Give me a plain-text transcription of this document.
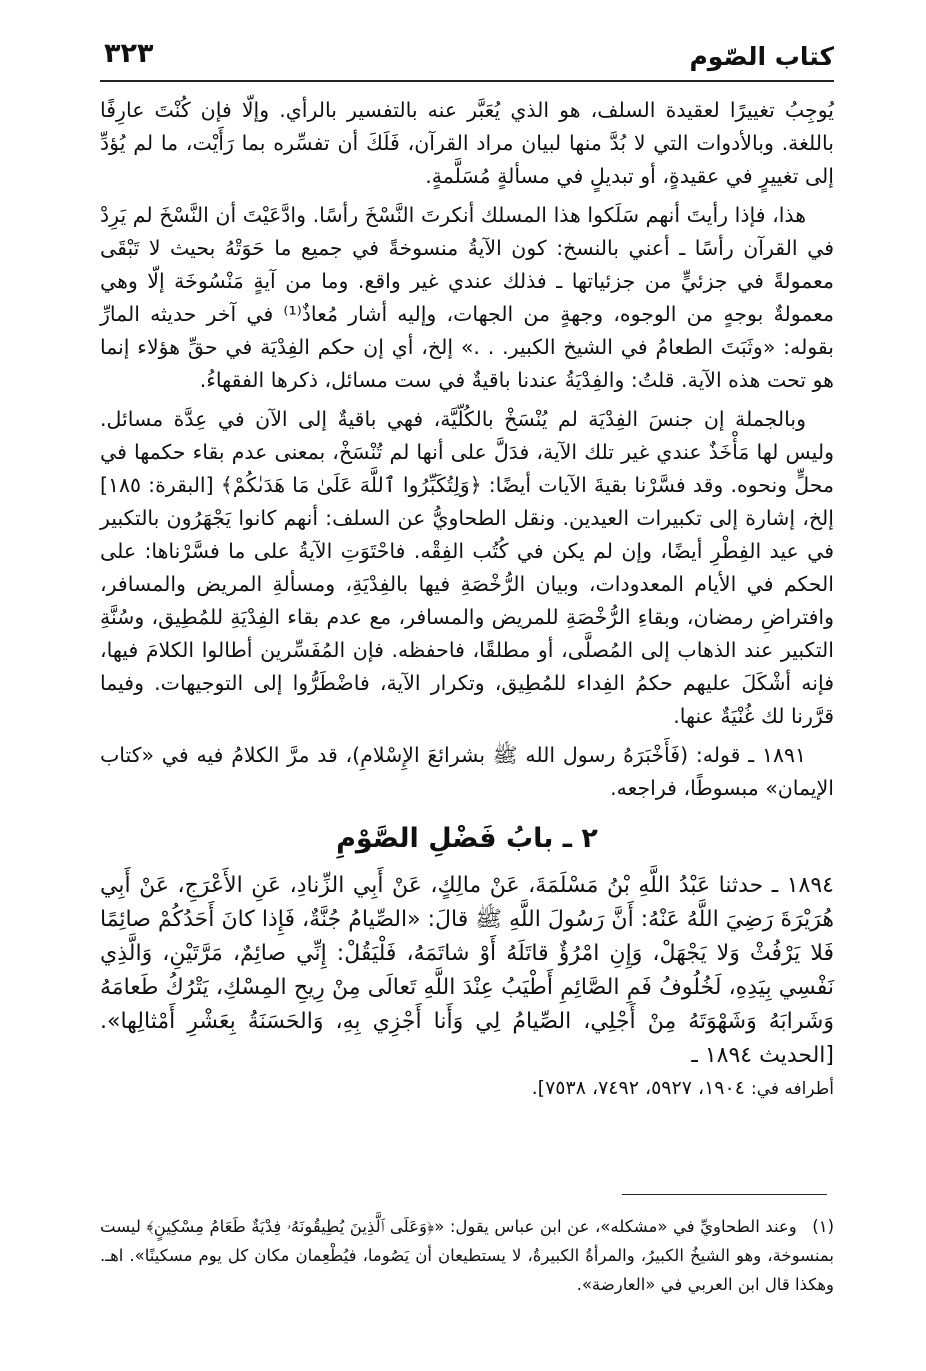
كتاب الصّوم
٣٢٣

يُوجِبُ تغييرًا لعقيدة السلف، هو الذي يُعَبَّر عنه بالتفسير بالرأي. وإلّا فإن كُنْتَ عارِفًا باللغة. وبالأدوات التي لا بُدَّ منها لبيان مراد القرآن، فَلَكَ أن تفسِّره بما رَأَيْت، ما لم يُؤدِّ إلى تغييرٍ في عقيدةٍ، أو تبديلٍ في مسألةٍ مُسَلَّمةٍ.

هذا، فإذا رأيتَ أنهم سَلَكوا هذا المسلك أنكرتَ النَّسْخَ رأسًا. وادَّعَيْتَ أن النَّسْخَ لم يَرِدْ في القرآن رأسًا ـ أعني بالنسخ: كون الآيةُ منسوخةً في جميع ما حَوَتْهُ بحيث لا تَبْقَى معمولةً في جزئيٍّ من جزئياتها ـ فذلك عندي غير واقع. وما من آيةٍ مَنْسُوخَة إلّا وهي معمولةٌ بوجهٍ من الوجوه، وجهةٍ من الجهات، وإليه أشار مُعاذٌ⁽¹⁾ في آخر حديثه المارِّ بقوله: «وثَبَتَ الطعامُ في الشيخ الكبير. . .» إلخ، أي إن حكم الفِدْيَة في حقِّ هؤلاء إنما هو تحت هذه الآية. قلتُ: والفِدْيَةُ عندنا باقيةٌ في ست مسائل، ذكرها الفقهاءُ.

وبالجملة إن جنسَ الفِدْيَة لم يُنْسَخْ بالكُلّيَّة، فهي باقيةٌ إلى الآن في عِدَّة مسائل. وليس لها مَأْخَذٌ عندي غير تلك الآية، فدَلَّ على أنها لم تُنْسَخْ، بمعنى عدم بقاء حكمها في محلٍّ ونحوه. وقد فسَّرْنا بقيةَ الآيات أيضًا: ﴿وَلِتُكَبِّرُوا ٱللَّهَ عَلَىٰ مَا هَدَىٰكُمْ﴾ [البقرة: ١٨٥] إلخ، إشارة إلى تكبيرات العيدين. ونقل الطحاويُّ عن السلف: أنهم كانوا يَجْهَرُون بالتكبير في عيد الفِطْرِ أيضًا، وإن لم يكن في كُتُب الفِقْه. فاحْتَوَتِ الآيةُ على ما فسَّرْناها: على الحكم في الأيام المعدودات، وبيان الرُّخْصَةِ فيها بالفِدْيَةِ، ومسألةِ المريض والمسافر، وافتراضِ رمضان، وبقاءِ الرُّخْصَةِ للمريض والمسافر، مع عدم بقاء الفِدْيَةِ للمُطِيق، وسُنَّةِ التكبير عند الذهاب إلى المُصلَّى، أو مطلقًا، فاحفظه. فإن المُفَسِّرين أطالوا الكلامَ فيها، فإنه أشْكَلَ عليهم حكمُ الفِداء للمُطِيق، وتكرار الآية، فاضْطَرُّوا إلى التوجيهات. وفيما قرَّرنا لك غُنْيَةٌ عنها.

١٨٩١ ـ قوله: (فَأَخْبَرَهُ رسول الله ﷺ بشرائعَ الإِسْلامِ)، قد مرَّ الكلامُ فيه في «كتاب الإيمان» مبسوطًا، فراجعه.

٢ ـ بابُ فَضْلِ الصَّوْمِ

١٨٩٤ ـ حدثنا عَبْدُ اللَّهِ بْنُ مَسْلَمَةَ، عَنْ مالِكٍ، عَنْ أَبِي الزِّنادِ، عَنِ الأَعْرَجِ، عَنْ أَبِي هُرَيْرَةَ رَضِيَ اللَّهُ عَنْهُ: أَنَّ رَسُولَ اللَّهِ ﷺ قالَ: «الصِّيامُ جُنَّةٌ، فَإِذا كانَ أَحَدُكُمْ صائِمًا فَلا يَرْفُثْ وَلا يَجْهَلْ، وَإِنِ امْرُؤٌ قاتَلَهُ أَوْ شاتَمَهُ، فَلْيَقُلْ: إِنِّي صائِمٌ، مَرَّتَيْنِ، وَالَّذِي نَفْسِي بِيَدِهِ، لَخُلُوفُ فَمِ الصَّائِمِ أَطْيَبُ عِنْدَ اللَّهِ تَعالَى مِنْ رِيحِ المِسْكِ، يَتْرُكُ طَعامَهُ وَشَرابَهُ وَشَهْوَتَهُ مِنْ أَجْلِي، الصِّيامُ لِي وَأَنا أَجْزِي بِهِ، وَالحَسَنَةُ بِعَشْرِ أَمْثالِها». [الحديث ١٨٩٤ ـ

أطرافه في: ١٩٠٤، ٥٩٢٧، ٧٤٩٢، ٧٥٣٨].

(١) وعند الطحاويِّ في «مشكله»، عن ابن عباس يقول: «﴿وَعَلَى ٱلَّذِينَ يُطِيقُونَهُۥ فِدْيَةٌ طَعَامُ مِسْكِينٍ﴾ ليست بمنسوخة، وهو الشيخُ الكبيرُ، والمرأةُ الكبيرةُ، لا يستطيعان أن يَصُوما، فيُطْعِمان مكان كل يوم مسكينًا». اهـ. وهكذا قال ابن العربي في «العارضة».
